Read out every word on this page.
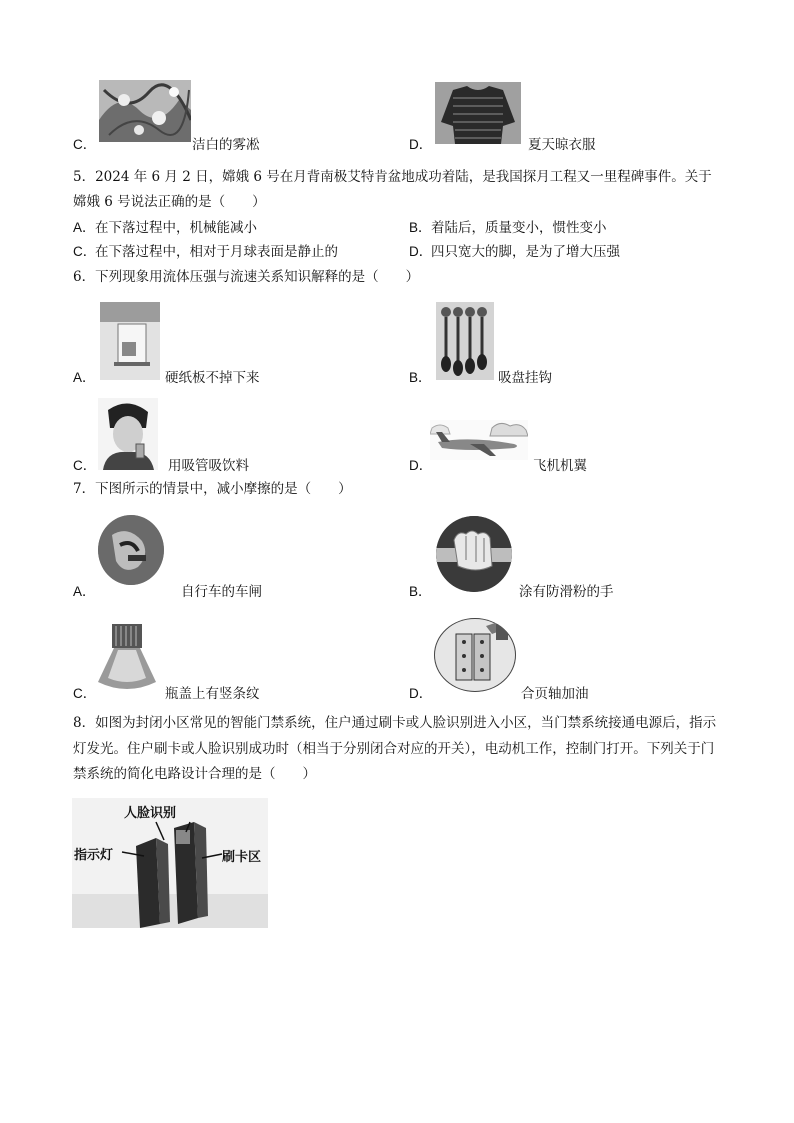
C．	洁白的雾凇	D．	夏天晾衣服
5．2024 年 6 月 2 日，嫦娥 6 号在月背南极艾特肯盆地成功着陆，是我国探月工程又一里程碑事件。关于嫦娥 6 号说法正确的是（　　）
A． 在下落过程中，机械能减小	B． 着陆后，质量变小，惯性变小
C．
在下落过程中，相对于月球表面是静止的	D．
四只宽大的脚，是为了增大压强
6．下列现象用流体压强与流速关系知识解释的是（　　）
A．	硬纸板不掉下来	B．	吸盘挂钩
C．	用吸管吸饮料	D．	飞机机翼
7．下图所示的情景中，减小摩擦的是（　　）
A．	自行车的车闸	B．	涂有防滑粉的手
C．	瓶盖上有竖条纹	D．	合页轴加油
8．如图为封闭小区常见的智能门禁系统，住户通过刷卡或人脸识别进入小区，当门禁系统接通电源后，指示灯发光。住户刷卡或人脸识别成功时（相当于分别闭合对应的开关），电动机工作，控制门打开。下列关于门禁系统的简化电路设计合理的是（　　）
人脸识别
指示灯	刷卡区
